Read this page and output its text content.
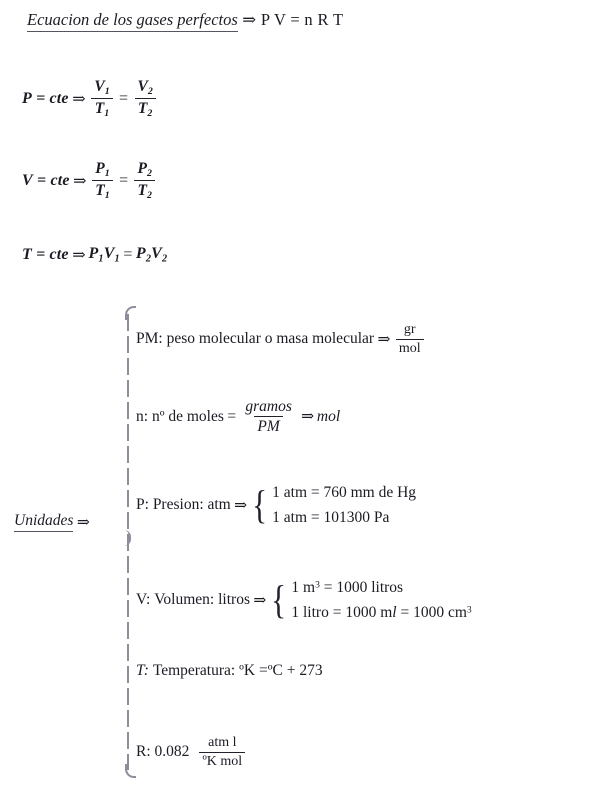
Ecuacion de los gases perfectos ⇒ P V = n R T
P = cte ⇒ $\frac{V_1}{T_1} = \frac{V_2}{T_2}$
V = cte ⇒ $\frac{P_1}{T_1} = \frac{P_2}{T_2}$
T = cte ⇒ $P_1V_1 = P_2V_2$
Unidades ⇒
PM:
peso molecular o masa molecular ⇒ $\frac{gr}{\text{mol}}$
n:
nº de moles = $\frac{\text{gramos}}{PM}$ ⇒ mol
P:
Presion:
atm ⇒ { 1 atm = 760 mm de Hg
1 atm = 101300 Pa
V:
Volumen:
litros ⇒ { 1 $m^3 = 1000$ litros
1 litro = 1000 ml = 1000 $cm^3$
T:
Temperatura:
ºK =ºC + 273
R:
0.082
$\frac{\text{atm l}}{\text{ºK mol}}$
